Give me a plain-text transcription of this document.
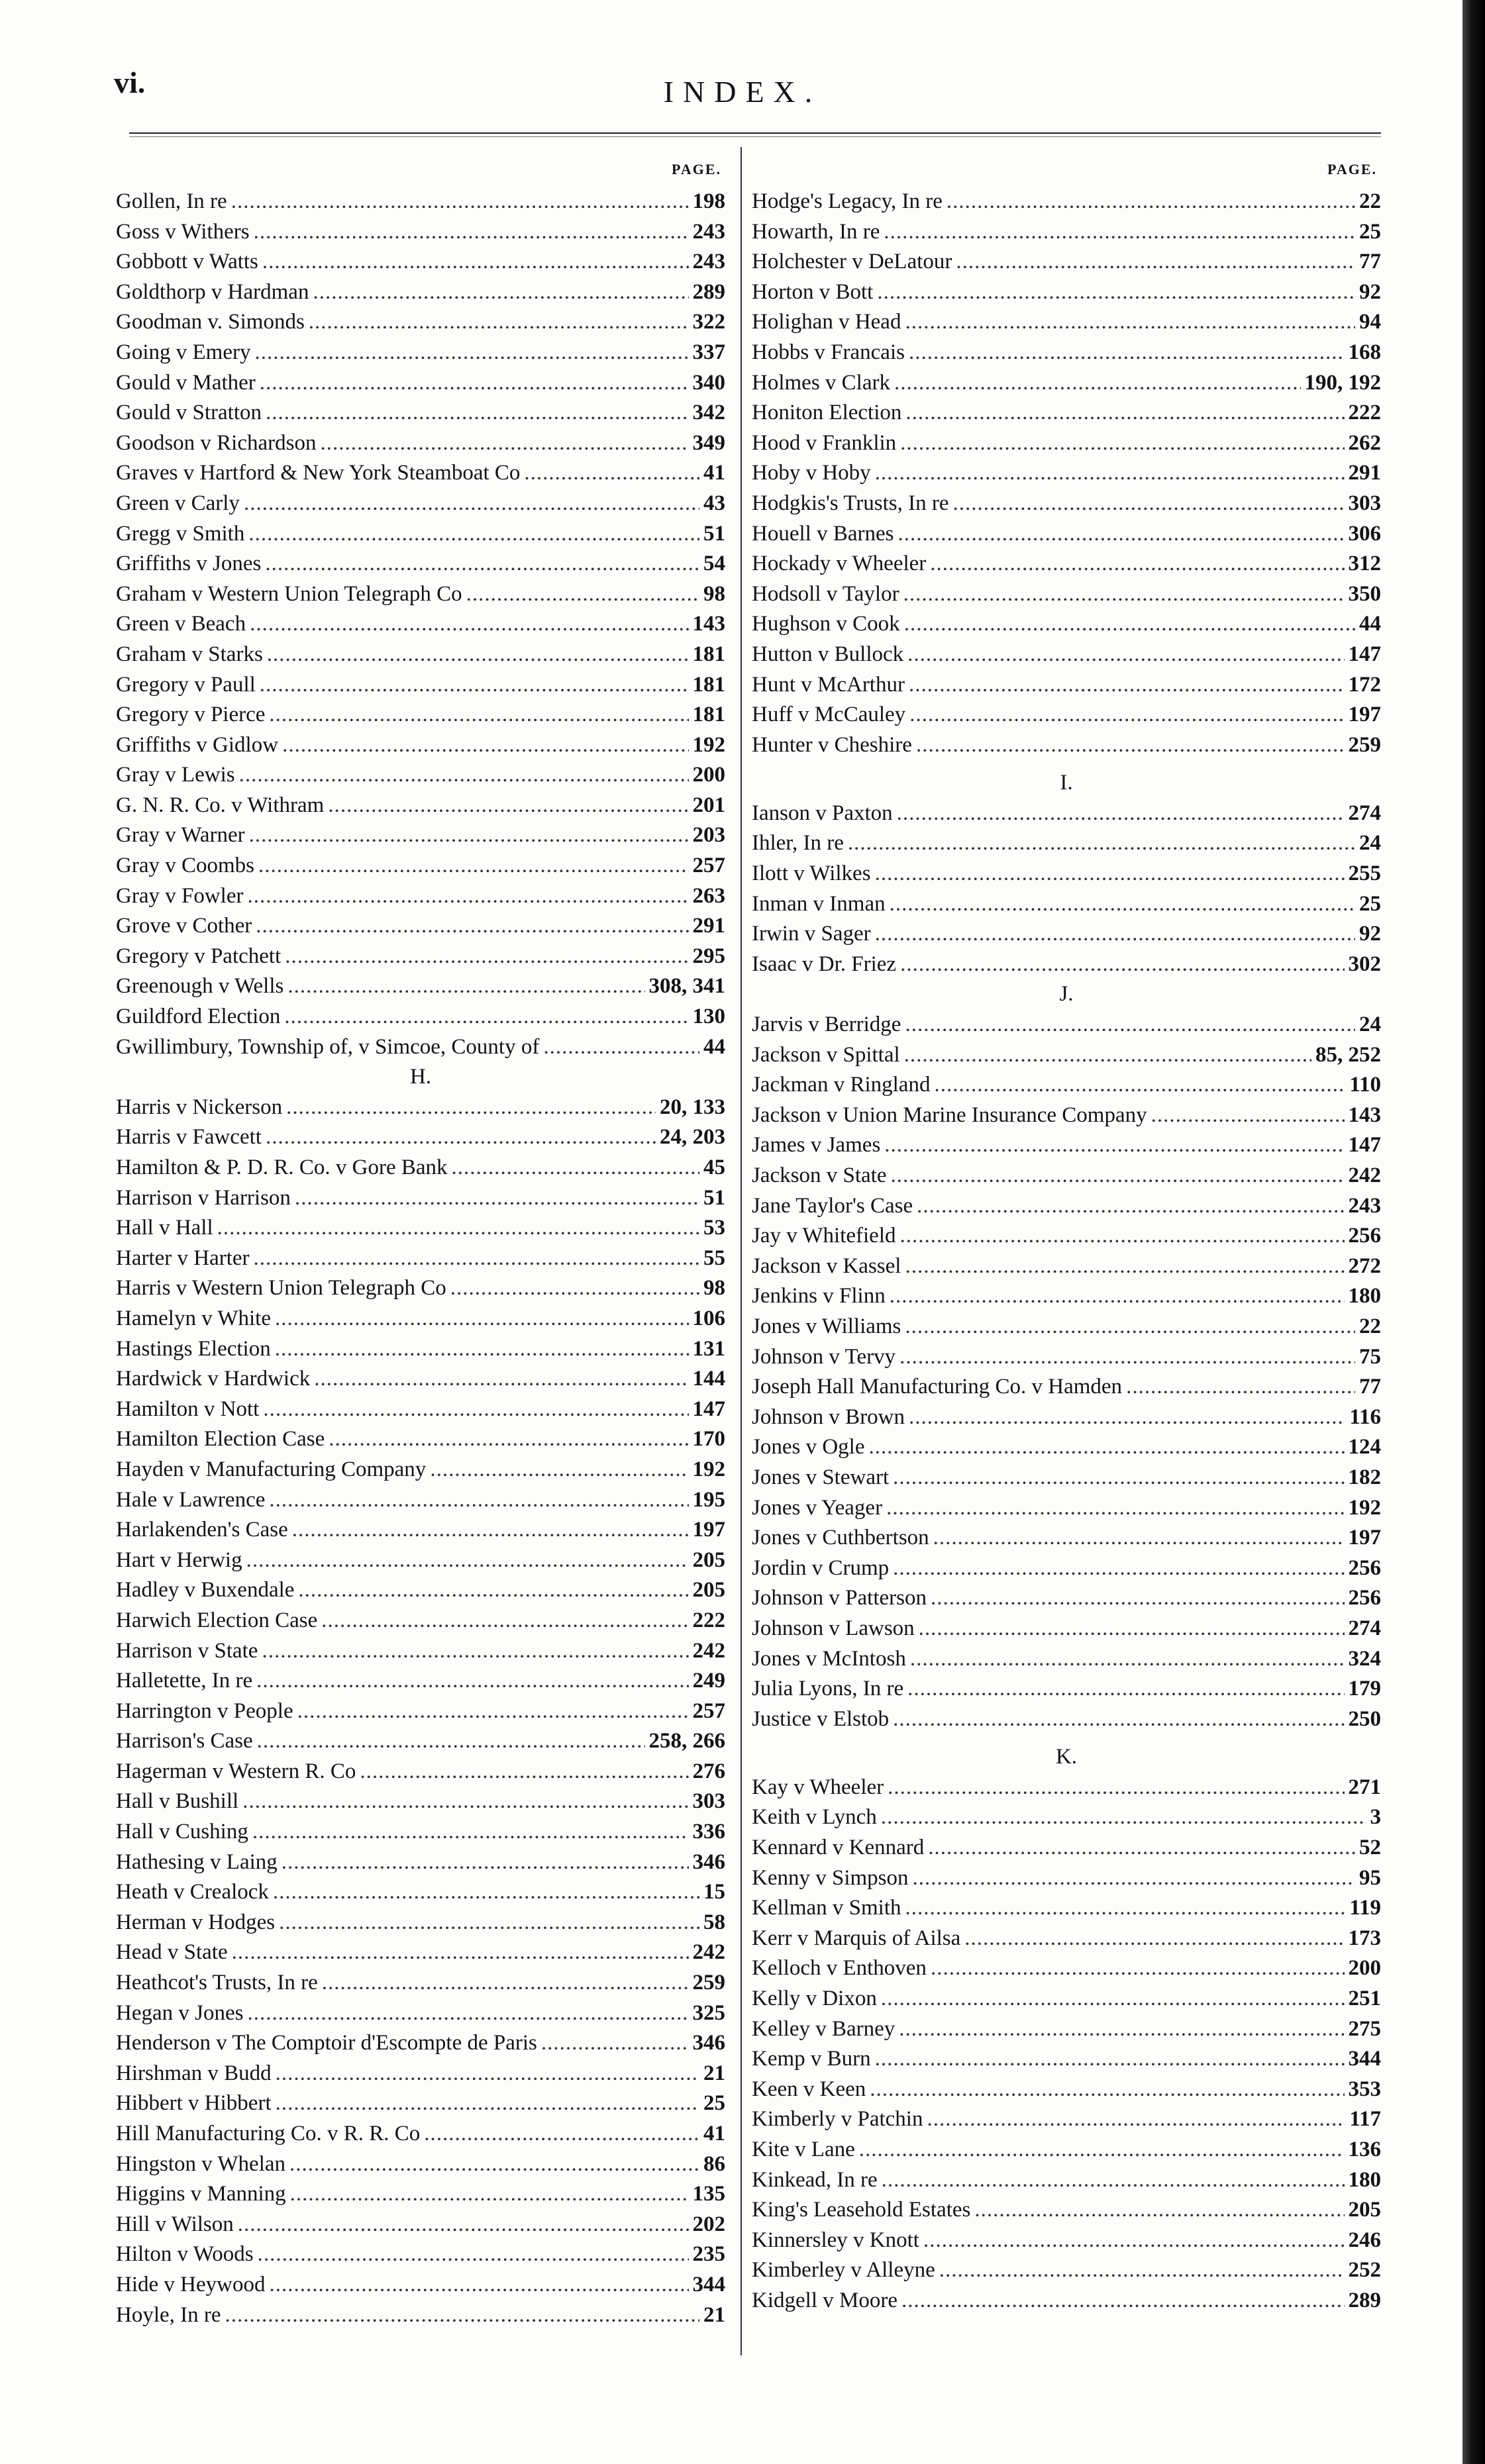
vi.	INDEX.
PAGE.
Gollen, In re .....	198
Goss v Withers .....	243
Gobbott v Watts .....	243
Goldthorp v Hardman .....	289
Goodman v. Simonds .....	322
Going v Emery .....	337
Gould v Mather .....	340
Gould v Stratton .....	342
Goodson v Richardson .....	349
Graves v Hartford & New York Steamboat Co .....	41
Green v Carly .....	43
Gregg v Smith .....	51
Griffiths v Jones .....	54
Graham v Western Union Telegraph Co .....	98
Green v Beach .....	143
Graham v Starks .....	181
Gregory v Paull .....	181
Gregory v Pierce .....	181
Griffiths v Gidlow .....	192
Gray v Lewis .....	200
G. N. R. Co. v Withram .....	201
Gray v Warner .....	203
Gray v Coombs .....	257
Gray v Fowler .....	263
Grove v Cother .....	291
Gregory v Patchett .....	295
Greenough v Wells .....	308, 341
Guildford Election .....	130
Gwillimbury, Township of, v Simcoe, County of .....	44
H.
Harris v Nickerson .....	20, 133
Harris v Fawcett .....	24, 203
Hamilton & P. D. R. Co. v Gore Bank .....	45
Harrison v Harrison .....	51
Hall v Hall .....	53
Harter v Harter .....	55
Harris v Western Union Telegraph Co .....	98
Hamelyn v White .....	106
Hastings Election .....	131
Hardwick v Hardwick .....	144
Hamilton v Nott .....	147
Hamilton Election Case .....	170
Hayden v Manufacturing Company .....	192
Hale v Lawrence .....	195
Harlakenden's Case .....	197
Hart v Herwig .....	205
Hadley v Buxendale .....	205
Harwich Election Case .....	222
Harrison v State .....	242
Halletette, In re .....	249
Harrington v People .....	257
Harrison's Case .....	258, 266
Hagerman v Western R. Co .....	276
Hall v Bushill .....	303
Hall v Cushing .....	336
Hathesing v Laing .....	346
Heath v Crealock .....	15
Herman v Hodges .....	58
Head v State .....	242
Heathcot's Trusts, In re .....	259
Hegan v Jones .....	325
Henderson v The Comptoir d'Escompte de Paris .....	346
Hirshman v Budd .....	21
Hibbert v Hibbert .....	25
Hill Manufacturing Co. v R. R. Co .....	41
Hingston v Whelan .....	86
Higgins v Manning .....	135
Hill v Wilson .....	202
Hilton v Woods .....	235
Hide v Heywood .....	344
Hoyle, In re .....	21
PAGE.
Hodge's Legacy, In re .....	22
Howarth, In re .....	25
Holchester v DeLatour .....	77
Horton v Bott .....	92
Holighan v Head .....	94
Hobbs v Francais .....	168
Holmes v Clark .....	190, 192
Honiton Election .....	222
Hood v Franklin .....	262
Hoby v Hoby .....	291
Hodgkis's Trusts, In re .....	303
Houell v Barnes .....	306
Hockady v Wheeler .....	312
Hodsoll v Taylor .....	350
Hughson v Cook .....	44
Hutton v Bullock .....	147
Hunt v McArthur .....	172
Huff v McCauley .....	197
Hunter v Cheshire .....	259
I.
Ianson v Paxton .....	274
Ihler, In re .....	24
Ilott v Wilkes .....	255
Inman v Inman .....	25
Irwin v Sager .....	92
Isaac v Dr. Friez .....	302
J.
Jarvis v Berridge .....	24
Jackson v Spittal .....	85, 252
Jackman v Ringland .....	110
Jackson v Union Marine Insurance Company .....	143
James v James .....	147
Jackson v State .....	242
Jane Taylor's Case .....	243
Jay v Whitefield .....	256
Jackson v Kassel .....	272
Jenkins v Flinn .....	180
Jones v Williams .....	22
Johnson v Tervy .....	75
Joseph Hall Manufacturing Co. v Hamden .....	77
Johnson v Brown .....	116
Jones v Ogle .....	124
Jones v Stewart .....	182
Jones v Yeager .....	192
Jones v Cuthbertson .....	197
Jordin v Crump .....	256
Johnson v Patterson .....	256
Johnson v Lawson .....	274
Jones v McIntosh .....	324
Julia Lyons, In re .....	179
Justice v Elstob .....	250
K.
Kay v Wheeler .....	271
Keith v Lynch .....	3
Kennard v Kennard .....	52
Kenny v Simpson .....	95
Kellman v Smith .....	119
Kerr v Marquis of Ailsa .....	173
Kelloch v Enthoven .....	200
Kelly v Dixon .....	251
Kelley v Barney .....	275
Kemp v Burn .....	344
Keen v Keen .....	353
Kimberly v Patchin .....	117
Kite v Lane .....	136
Kinkead, In re .....	180
King's Leasehold Estates .....	205
Kinnersley v Knott .....	246
Kimberley v Alleyne .....	252
Kidgell v Moore .....	289
